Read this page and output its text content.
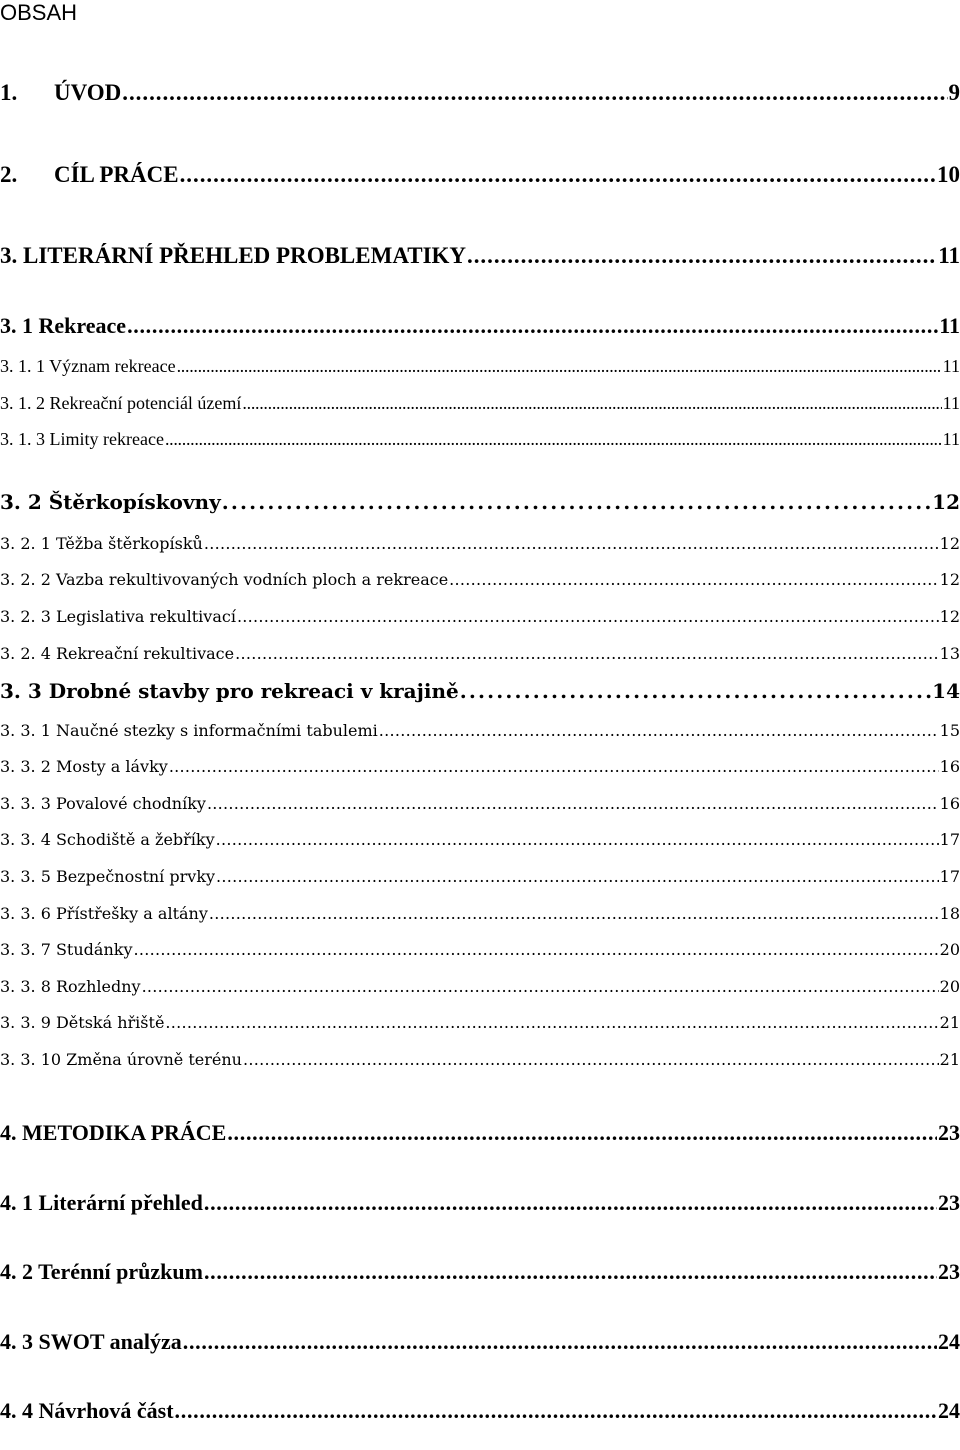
OBSAH
1.	ÚVOD . . .	9
2.	CÍL PRÁCE . . .	10
3. LITERÁRNÍ PŘEHLED PROBLEMATIKY . . .	11
3. 1 Rekreace . . .	11
3. 1. 1 Význam rekreace . . .	11
3. 1. 2 Rekreační potenciál území . . .	11
3. 1. 3 Limity rekreace . . .	11
3. 2 Štěrkopískovny . . .	12
3. 2. 1 Těžba štěrkopísků . . .	12
3. 2. 2 Vazba rekultivovaných vodních ploch a rekreace . . .	12
3. 2. 3 Legislativa rekultivací . . .	12
3. 2. 4 Rekreační rekultivace . . .	13
3. 3 Drobné stavby pro rekreaci v krajině . . .	14
3. 3. 1 Naučné stezky s informačními tabulemi . . .	15
3. 3. 2 Mosty a lávky . . .	16
3. 3. 3 Povalové chodníky . . .	16
3. 3. 4 Schodiště a žebříky . . .	17
3. 3. 5 Bezpečnostní prvky . . .	17
3. 3. 6 Přístřešky a altány . . .	18
3. 3. 7 Studánky . . .	20
3. 3. 8 Rozhledny . . .	20
3. 3. 9 Dětská hřiště . . .	21
3. 3. 10 Změna úrovně terénu . . .	21
4. METODIKA PRÁCE . . .	23
4. 1 Literární přehled . . .	23
4. 2 Terénní průzkum . . .	23
4. 3 SWOT analýza . . .	24
4. 4 Návrhová část . . .	24
